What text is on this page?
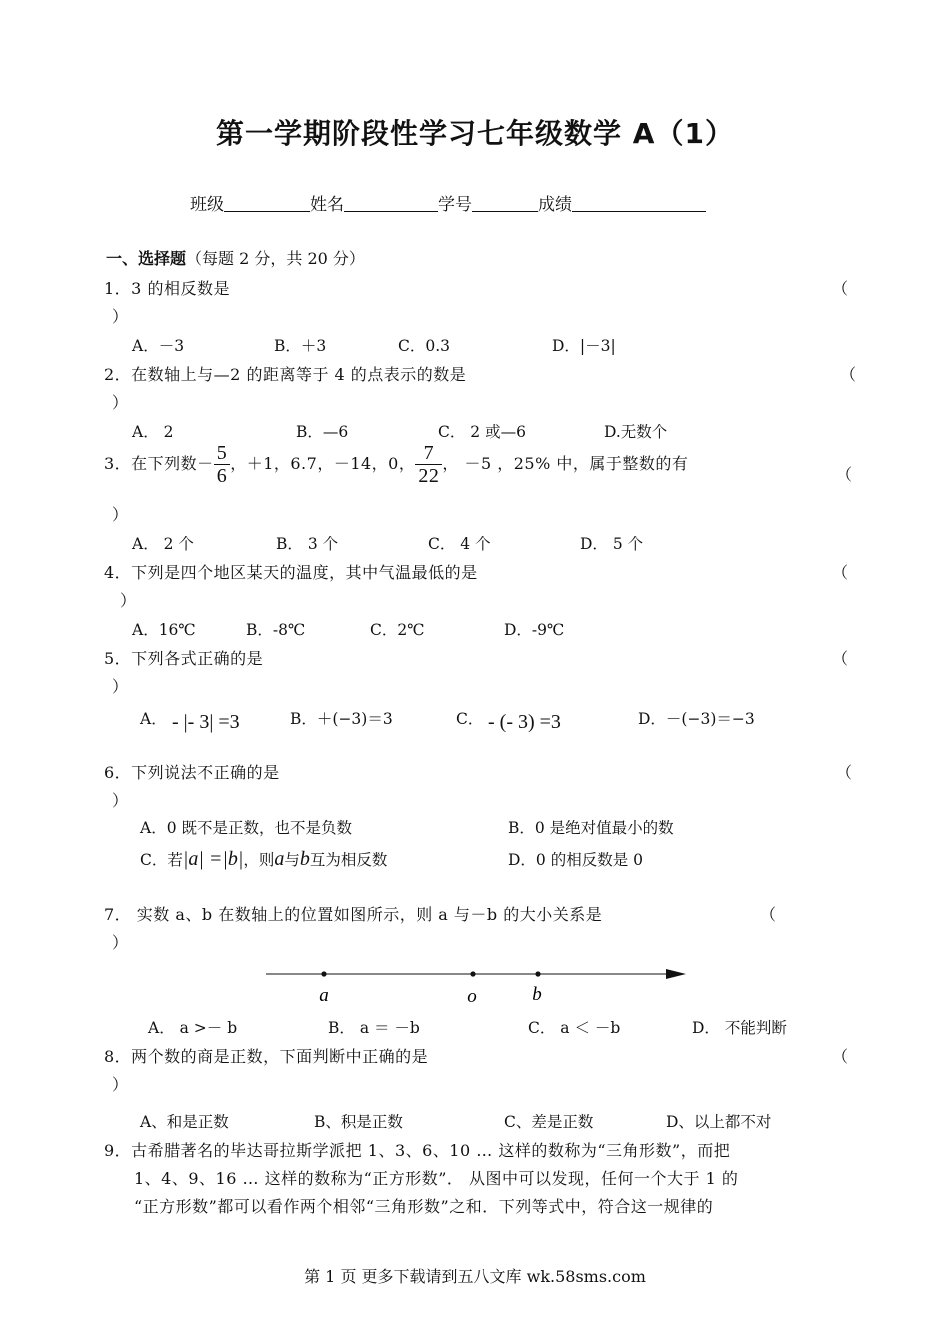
第一学期阶段性学习七年级数学 A（1）
班级	姓名	学号	成绩
一、选择题（每题 2 分，共 20 分）
1．3 的相反数是	（
）
A．－3	B．＋3	C．0.3	D．|－3|
2．在数轴上与—2 的距离等于 4 的点表示的数是	（
）
A． 2	B．—6	C． 2 或—6	D.无数个
3．在下列数－ $\frac{5}{6}$ ，＋1，6.7，－14，0， $\frac{7}{22}$ ， －5 ，25% 中，属于整数的有
（
）
A． 2 个	B． 3 个	C． 4 个	D． 5 个
4．下列是四个地区某天的温度，其中气温最低的是	（
）
A．16℃	B．-8℃	C．2℃	D．-9℃
5．下列各式正确的是	（
）
A． - |- 3| =3	B．＋(−3)＝3	C． - (- 3) =3	D．－(−3)＝−3
6．下列说法不正确的是	（
）
A．0 既不是正数，也不是负数	B．0 是绝对值最小的数
C．若|a| =|b|，则a与b互为相反数	D．0 的相反数是 0
7． 实数 a、b 在数轴上的位置如图所示，则 a 与－b 的大小关系是	（
）
a	o	b
A． a >－ b	B． a ＝ －b	C． a ＜ －b	D． 不能判断
8．两个数的商是正数，下面判断中正确的是	（
）
A、和是正数	B、积是正数	C、差是正数	D、以上都不对
9．古希腊著名的毕达哥拉斯学派把 1、3、6、10 … 这样的数称为“三角形数”，而把
1、4、9、16 … 这样的数称为“正方形数”． 从图中可以发现，任何一个大于 1 的
“正方形数”都可以看作两个相邻“三角形数”之和．下列等式中，符合这一规律的
第 1 页 更多下载请到五八文库 wk.58sms.com
